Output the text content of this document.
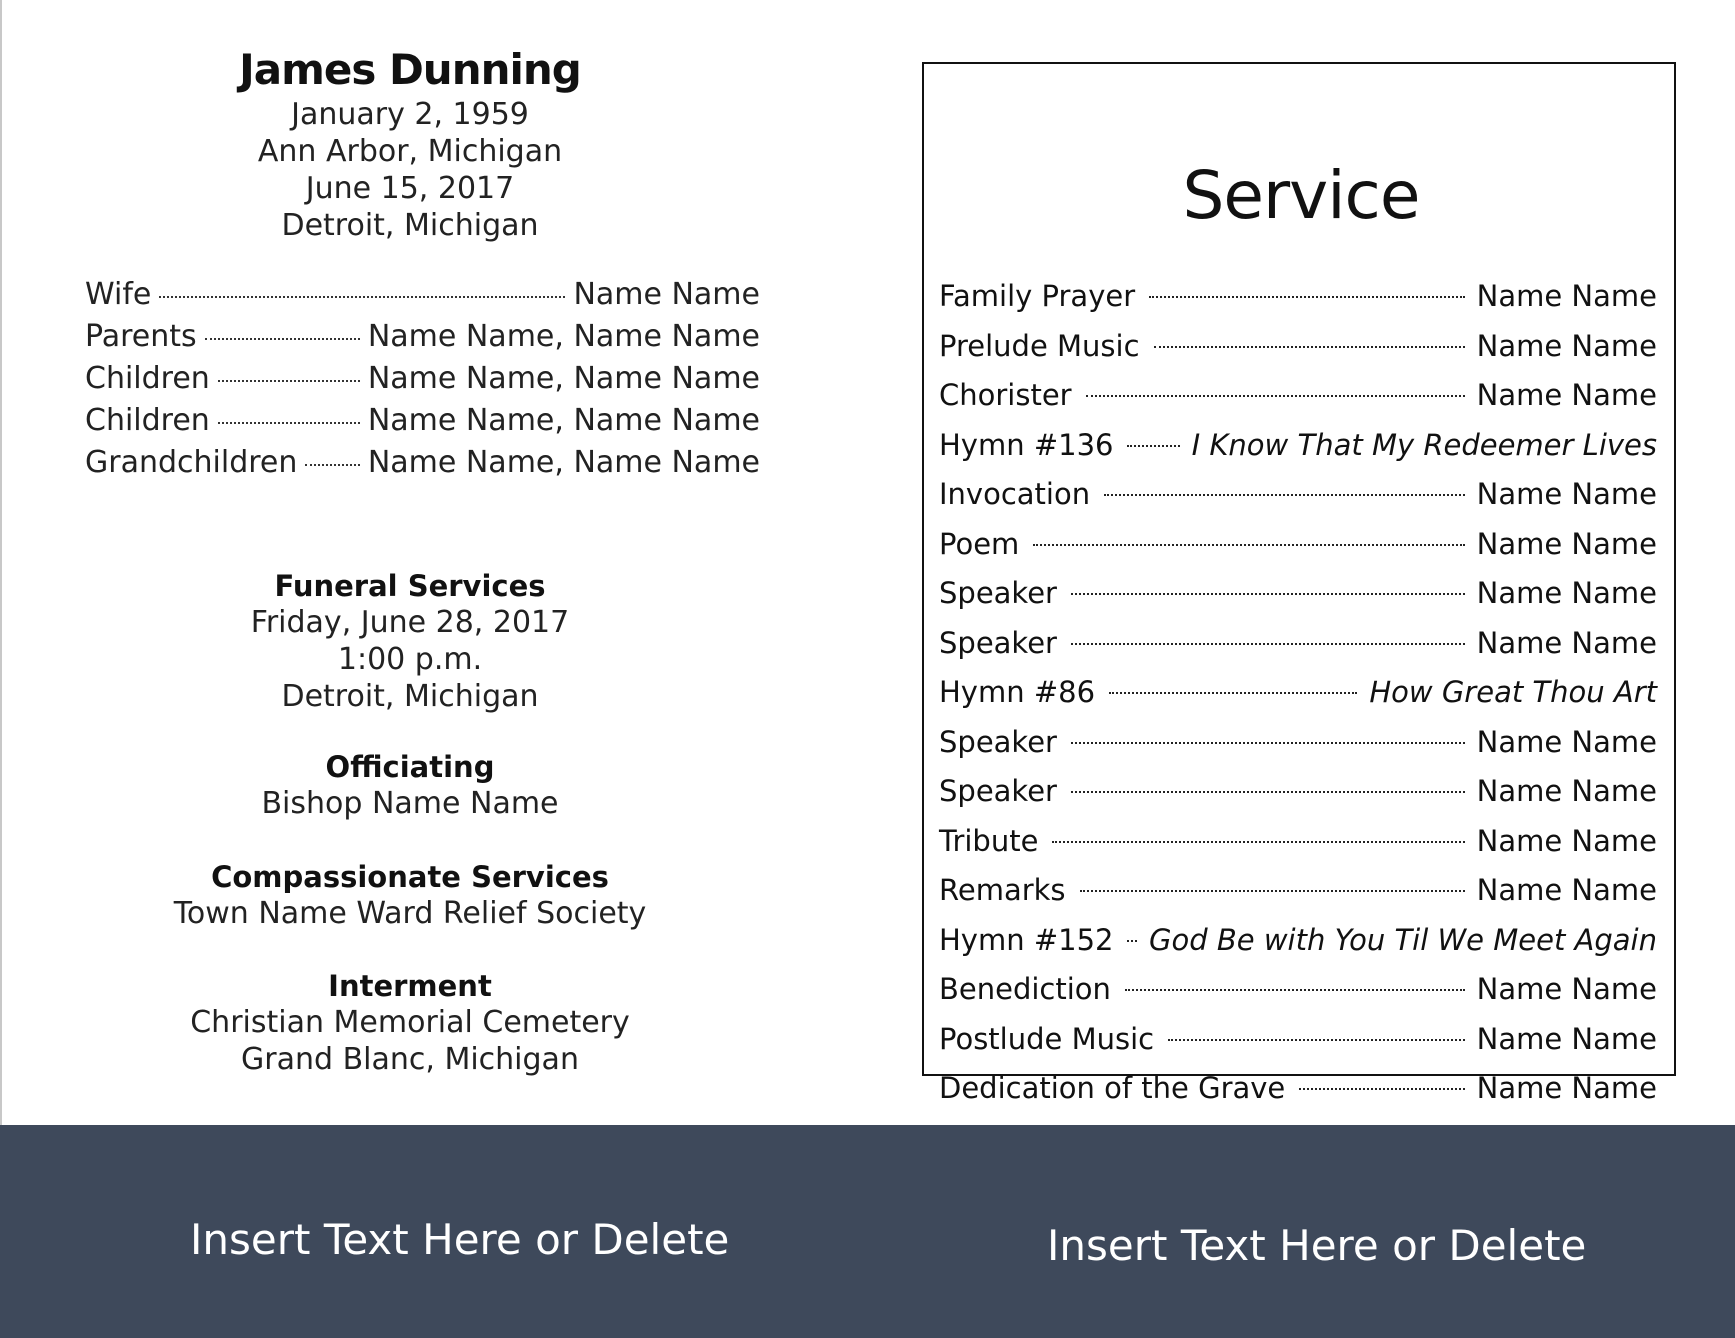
James Dunning
January 2, 1959
Ann Arbor, Michigan
June 15, 2017
Detroit, Michigan
Wife	Name Name
Parents	Name Name, Name Name
Children	Name Name, Name Name
Children	Name Name, Name Name
Grandchildren Name Name, Name Name
Funeral Services
Friday, June 28, 2017
1:00 p.m.
Detroit, Michigan
Officiating
Bishop Name Name
Compassionate Services
Town Name Ward Relief Society
Interment
Christian Memorial Cemetery
Grand Blanc, Michigan
Service
Family Prayer	Name Name
Prelude Music	Name Name
Chorister	Name Name
Hymn #136	I Know That My Redeemer Lives
Invocation	Name Name
Poem	Name Name
Speaker	Name Name
Speaker	Name Name
Hymn #86	How Great Thou Art
Speaker	Name Name
Speaker	Name Name
Tribute	Name Name
Remarks	Name Name
Hymn #152 God Be with You Til We Meet Again
Benediction	Name Name
Postlude Music	Name Name
Dedication of the Grave	Name Name
Insert Text Here or Delete	Insert Text Here or Delete
